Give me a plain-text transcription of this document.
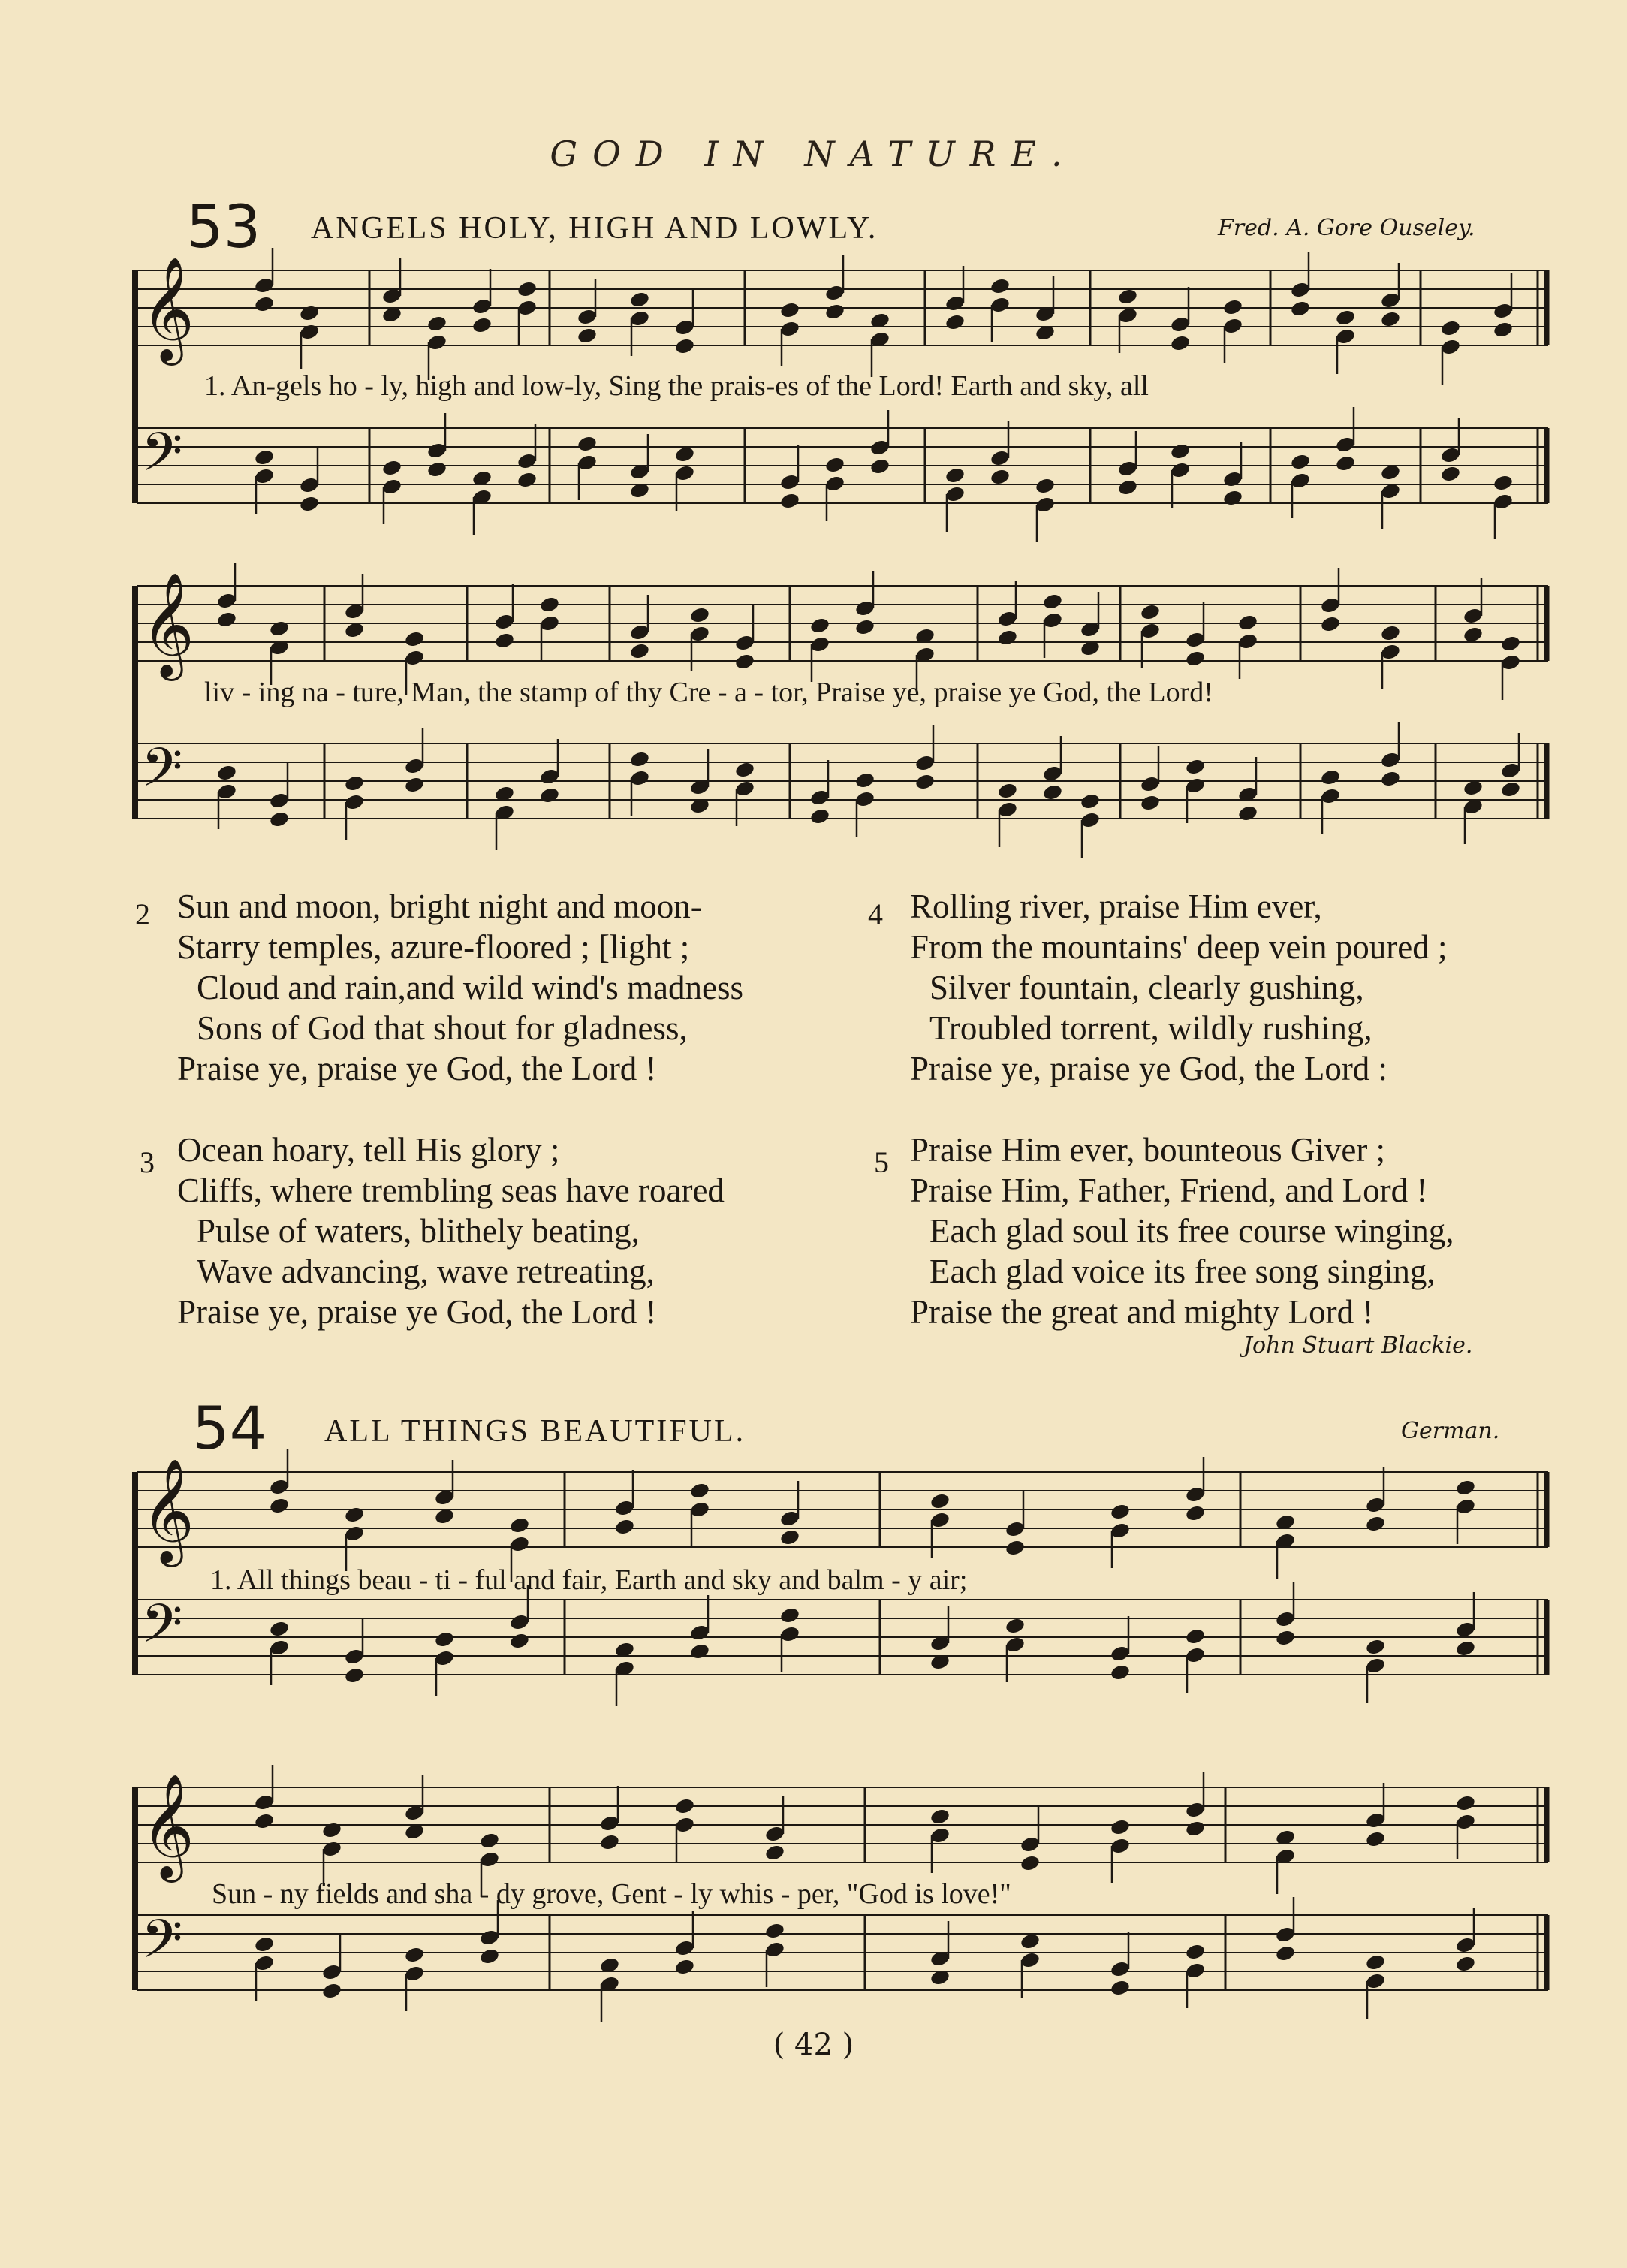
GOD IN NATURE.
53 ANGELS HOLY, HIGH AND LOWLY.	Fred. A. Gore Ouseley.
𝄞
𝄢
1. An-gels ho - ly, high and low-ly, Sing the prais-es of the Lord! Earth and sky, all
𝄞
𝄢
liv - ing na - ture, Man, the stamp of thy Cre - a - tor, Praise ye, praise ye God, the Lord!
2 Sun and moon, bright night and moon-
Starry temples, azure-floored ; [light ;
Cloud and rain,and wild wind's madness
Sons of God that shout for gladness,
Praise ye, praise ye God, the Lord !
3 Ocean hoary, tell His glory ;
Cliffs, where trembling seas have roared
Pulse of waters, blithely beating,
Wave advancing, wave retreating,
Praise ye, praise ye God, the Lord !
4 Rolling river, praise Him ever,
From the mountains' deep vein poured ;
Silver fountain, clearly gushing,
Troubled torrent, wildly rushing,
Praise ye, praise ye God, the Lord :
5 Praise Him ever, bounteous Giver ;
Praise Him, Father, Friend, and Lord !
Each glad soul its free course winging,
Each glad voice its free song singing,
Praise the great and mighty Lord !
John Stuart Blackie.
54 ALL THINGS BEAUTIFUL.	German.
𝄞
𝄢
1. All things beau - ti - ful and fair, Earth and sky and balm - y air;
𝄞
𝄢
Sun - ny fields and sha - dy grove, Gent - ly whis - per, "God is love!"
( 42 )
